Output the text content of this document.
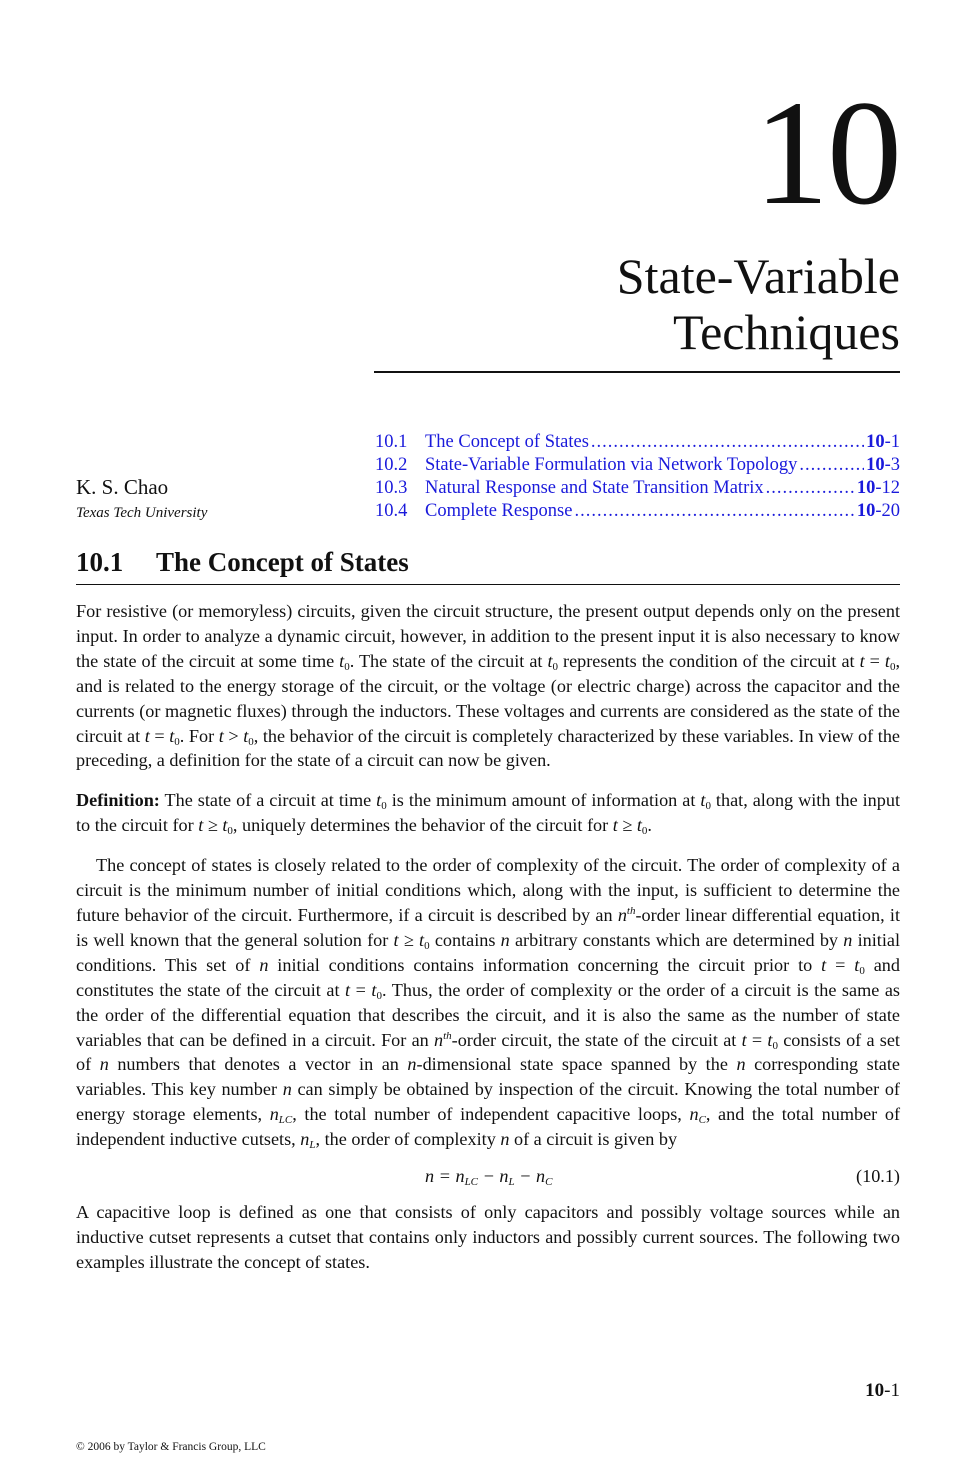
10
State-Variable
Techniques
10.1 The Concept of States .....	10-1
10.2 State-Variable Formulation via Network Topology .....	10-3
10.3 Natural Response and State Transition Matrix .....	10-12
10.4 Complete Response .....	10-20
K. S. Chao
Texas Tech University
10.1 The Concept of States

For resistive (or memoryless) circuits, given the circuit structure, the present output depends only on the present input. In order to analyze a dynamic circuit, however, in addition to the present input it is also necessary to know the state of the circuit at some time $t_0$. The state of the circuit at $t_0$ represents the condition of the circuit at $t = t_0$, and is related to the energy storage of the circuit, or the voltage (or electric charge) across the capacitor and the currents (or magnetic fluxes) through the inductors. These voltages and currents are considered as the state of the circuit at $t = t_0$. For $t > t_0$, the behavior of the circuit is completely characterized by these variables. In view of the preceding, a definition for the state of a circuit can now be given.

Definition: The state of a circuit at time $t_0$ is the minimum amount of information at $t_0$ that, along with the input to the circuit for $t \ge t_0$, uniquely determines the behavior of the circuit for $t \ge t_0$.

The concept of states is closely related to the order of complexity of the circuit. The order of complexity of a circuit is the minimum number of initial conditions which, along with the input, is sufficient to determine the future behavior of the circuit. Furthermore, if a circuit is described by an $n^{th}$-order linear differential equation, it is well known that the general solution for $t \ge t_0$ contains n arbitrary constants which are determined by n initial conditions. This set of n initial conditions contains information concerning the circuit prior to $t = t_0$ and constitutes the state of the circuit at $t = t_0$. Thus, the order of complexity or the order of a circuit is the same as the order of the differential equation that describes the circuit, and it is also the same as the number of state variables that can be defined in a circuit. For an $n^{th}$-order circuit, the state of the circuit at $t = t_0$ consists of a set of n numbers that denotes a vector in an n-dimensional state space spanned by the n corresponding state variables. This key number n can simply be obtained by inspection of the circuit. Knowing the total number of energy storage elements, $n_{LC}$, the total number of independent capacitive loops, $n_C$, and the total number of independent inductive cutsets, $n_L$, the order of complexity n of a circuit is given by

$n = n_{LC} - n_L - n_C$	(10.1)

A capacitive loop is defined as one that consists of only capacitors and possibly voltage sources while an inductive cutset represents a cutset that contains only inductors and possibly current sources. The following two examples illustrate the concept of states.

10-1
© 2006 by Taylor & Francis Group, LLC
